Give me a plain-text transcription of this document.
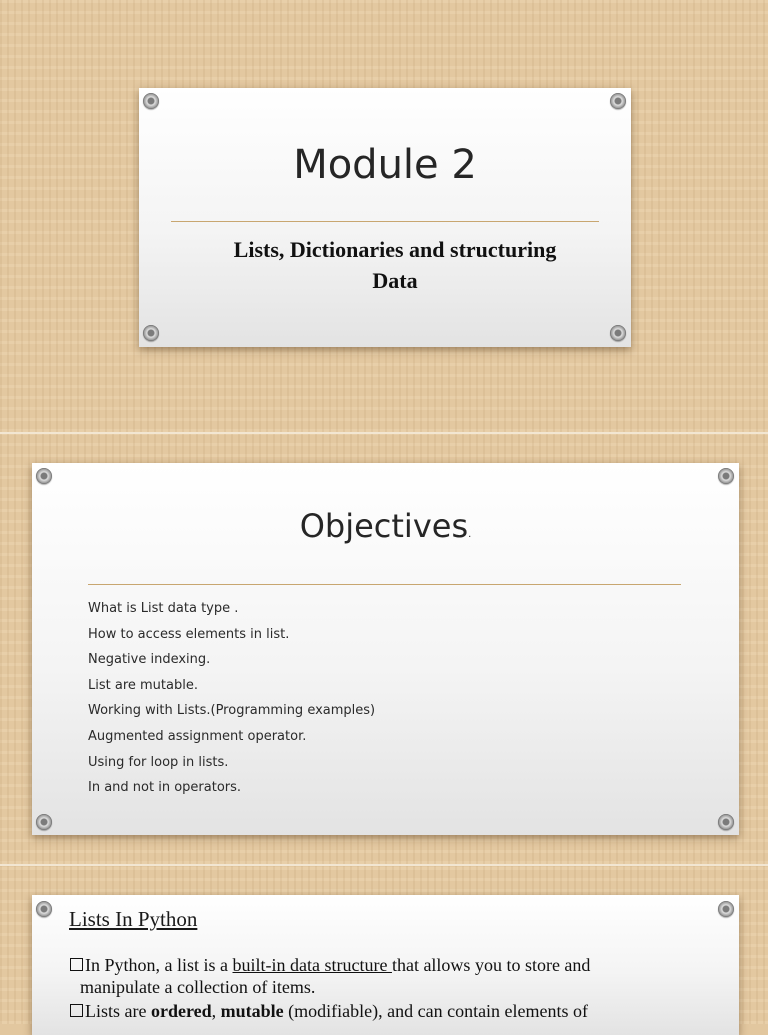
Module 2
Lists, Dictionaries and structuring
Data
Objectives.
What is List data type .
How to access elements in list.
Negative indexing.
List are mutable.
Working with Lists.(Programming examples)
Augmented assignment operator.
Using for loop in lists.
In and not in operators.
Lists In Python
In Python, a list is a built-in data structure that allows you to store and
manipulate a collection of items.
Lists are ordered, mutable (modifiable), and can contain elements of
